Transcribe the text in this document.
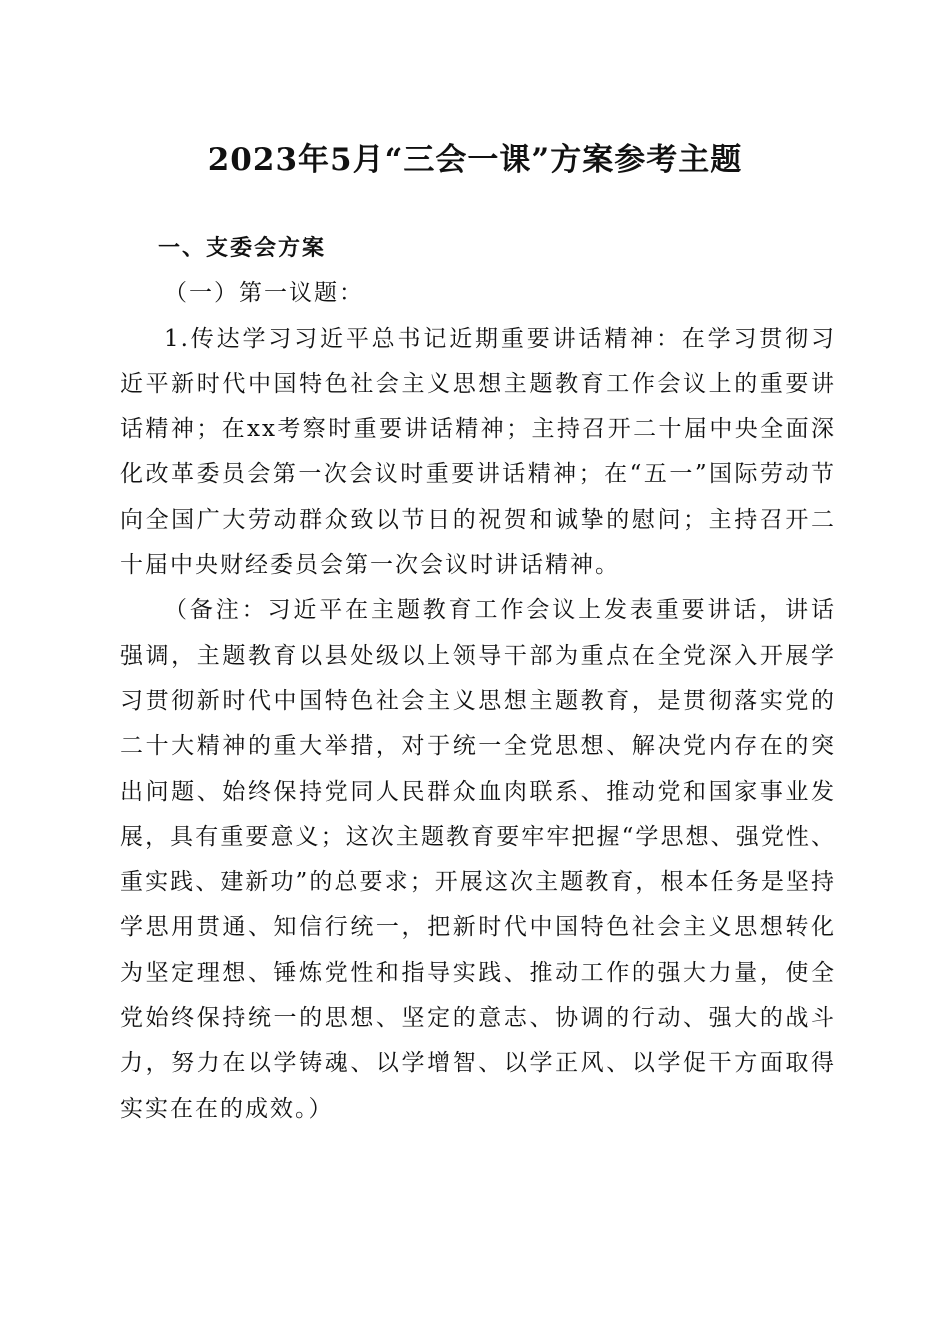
2023年5月“三会一课”方案参考主题

一、支委会方案

（一）第一议题：

1.传达学习习近平总书记近期重要讲话精神：在学习贯彻习近平新时代中国特色社会主义思想主题教育工作会议上的重要讲话精神；在xx考察时重要讲话精神；主持召开二十届中央全面深化改革委员会第一次会议时重要讲话精神；在“五一”国际劳动节向全国广大劳动群众致以节日的祝贺和诚挚的慰问；主持召开二十届中央财经委员会第一次会议时讲话精神。

（备注：习近平在主题教育工作会议上发表重要讲话，讲话强调，主题教育以县处级以上领导干部为重点在全党深入开展学习贯彻新时代中国特色社会主义思想主题教育，是贯彻落实党的二十大精神的重大举措，对于统一全党思想、解决党内存在的突出问题、始终保持党同人民群众血肉联系、推动党和国家事业发展，具有重要意义；这次主题教育要牢牢把握“学思想、强党性、重实践、建新功”的总要求；开展这次主题教育，根本任务是坚持学思用贯通、知信行统一，把新时代中国特色社会主义思想转化为坚定理想、锤炼党性和指导实践、推动工作的强大力量，使全党始终保持统一的思想、坚定的意志、协调的行动、强大的战斗力，努力在以学铸魂、以学增智、以学正风、以学促干方面取得实实在在的成效。）
